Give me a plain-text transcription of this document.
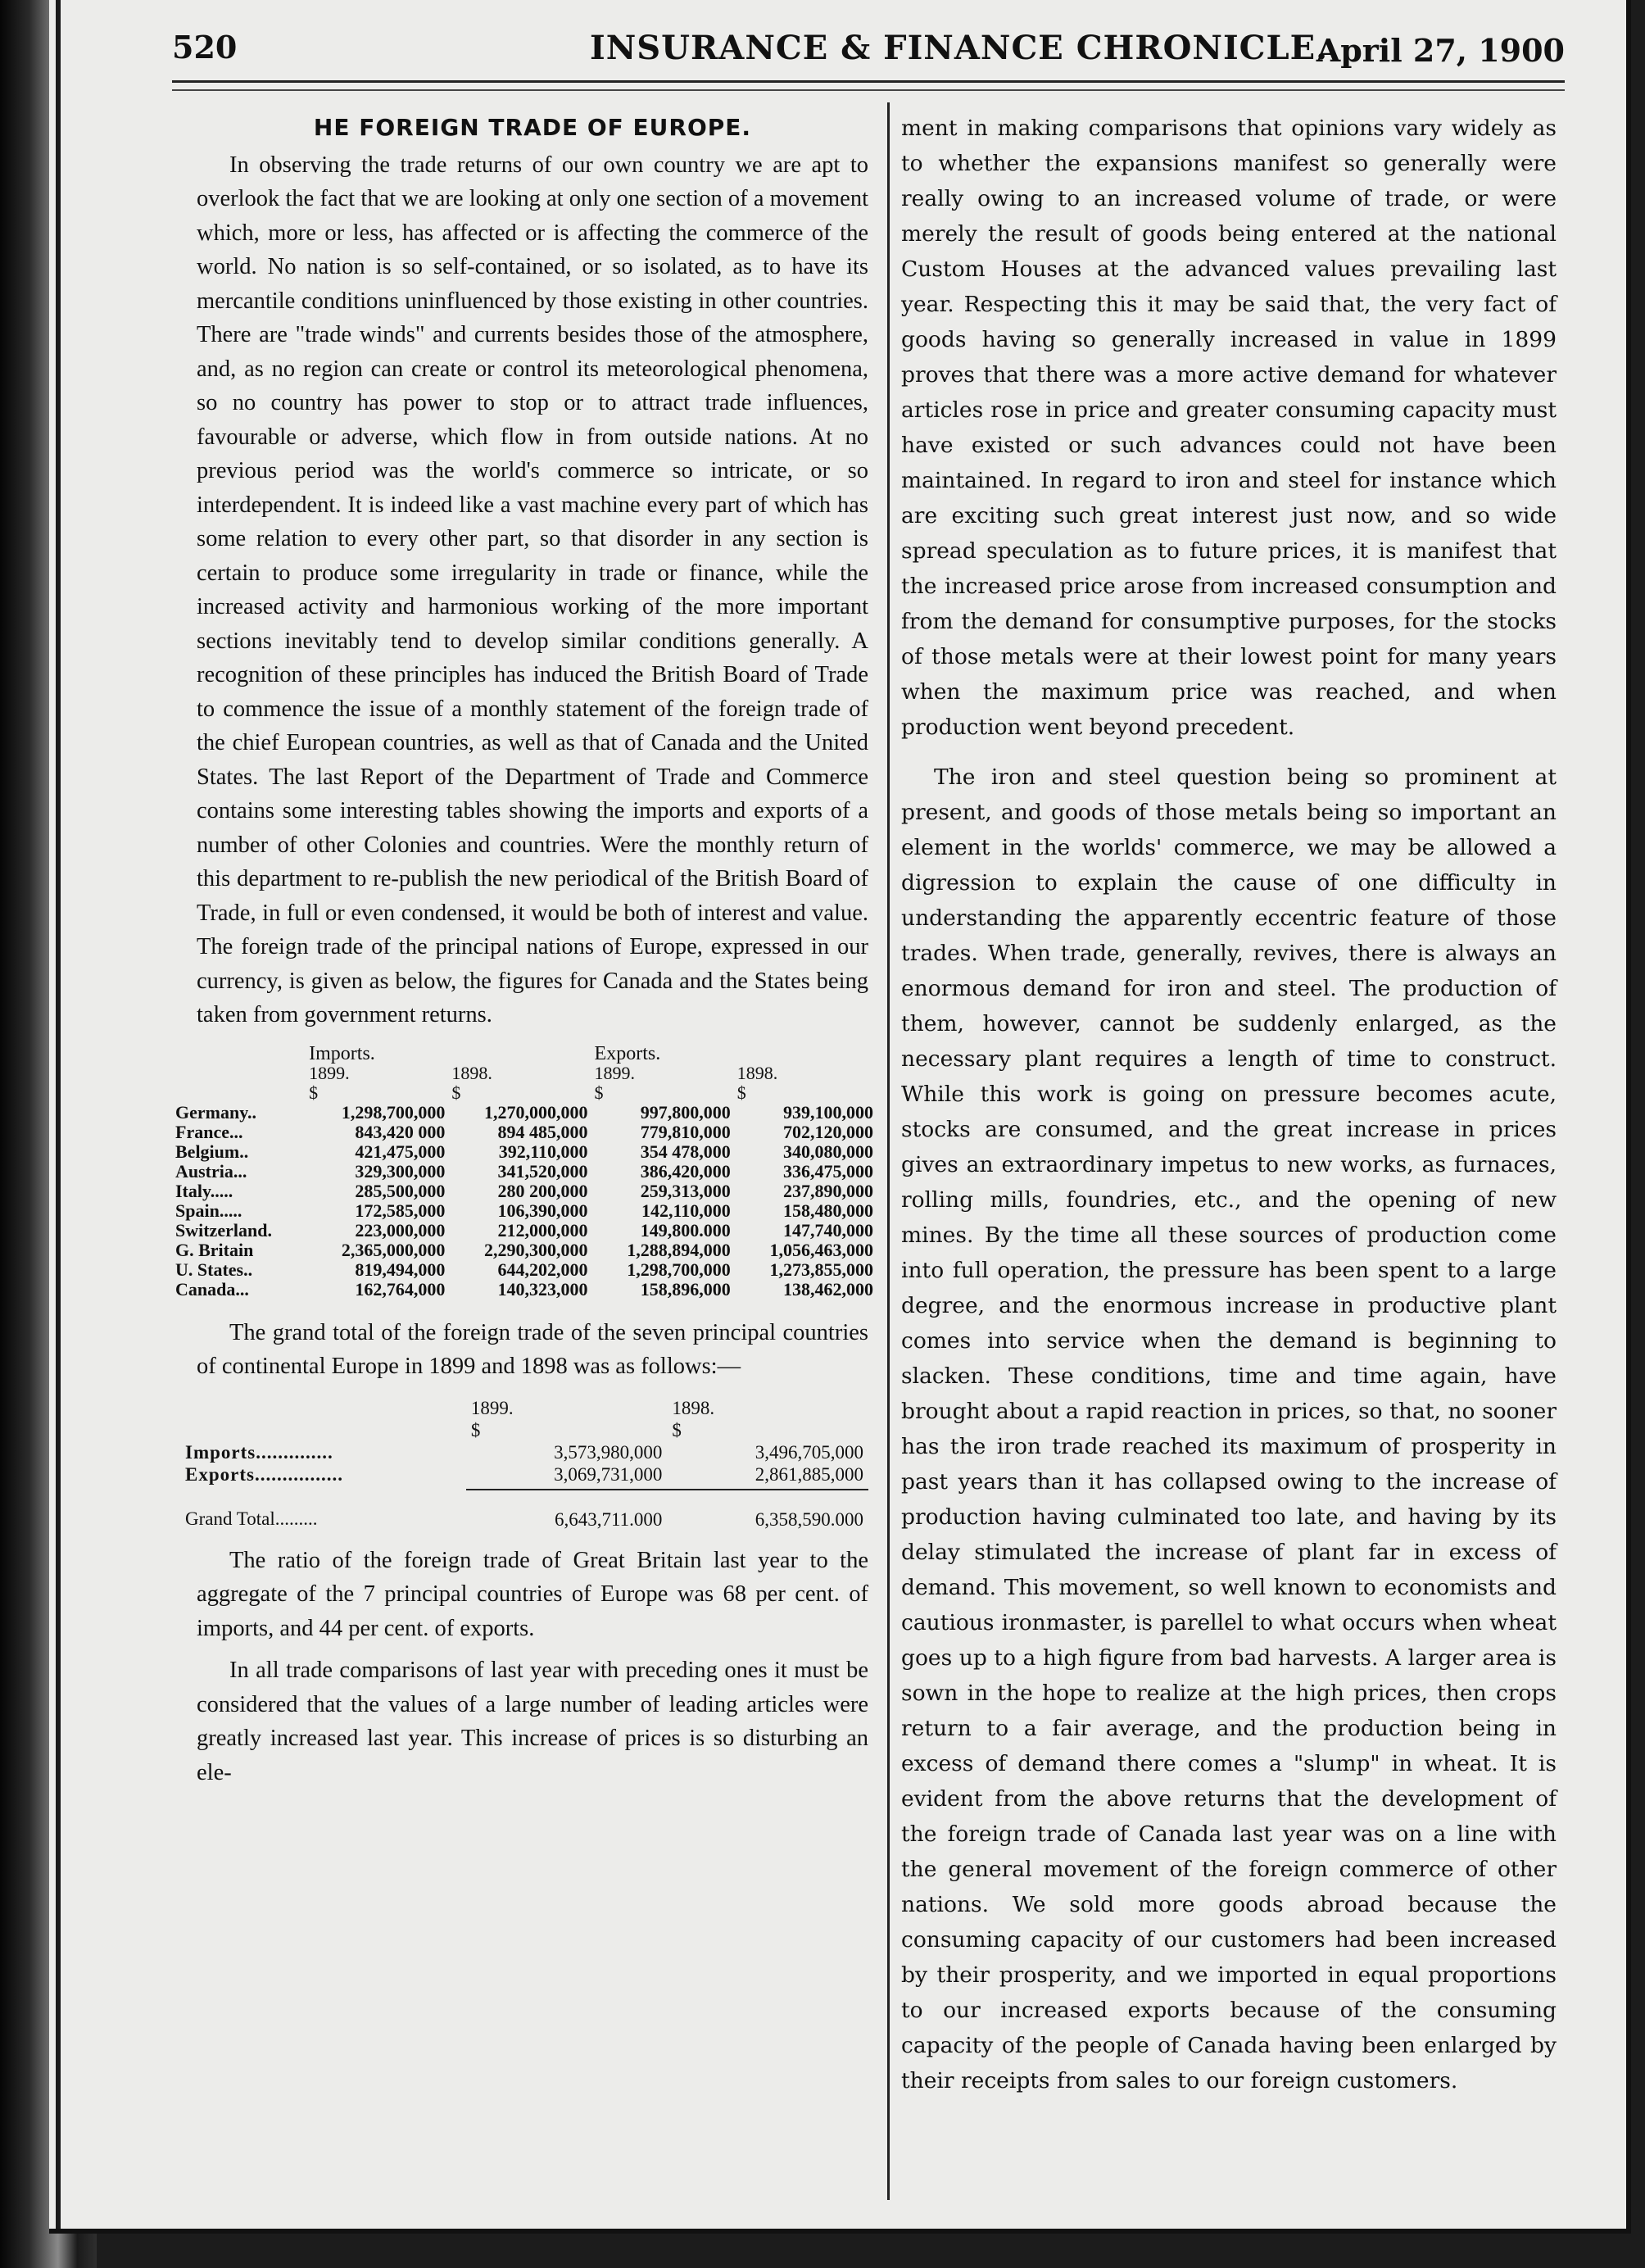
520	INSURANCE & FINANCE CHRONICLE.
April 27, 1900
HE FOREIGN TRADE OF EUROPE.

In observing the trade returns of our own country we are apt to overlook the fact that we are looking at only one section of a movement which, more or less, has affected or is affecting the commerce of the world. No nation is so self-contained, or so isolated, as to have its mercantile conditions uninfluenced by those existing in other countries. There are "trade winds" and currents besides those of the atmosphere, and, as no region can create or control its meteorological phenomena, so no country has power to stop or to attract trade influences, favourable or adverse, which flow in from outside nations. At no previous period was the world's commerce so intricate, or so interdependent. It is indeed like a vast machine every part of which has some relation to every other part, so that disorder in any section is certain to produce some irregularity in trade or finance, while the increased activity and harmonious working of the more important sections inevitably tend to develop similar conditions generally. A recognition of these principles has induced the British Board of Trade to commence the issue of a monthly statement of the foreign trade of the chief European countries, as well as that of Canada and the United States. The last Report of the Department of Trade and Commerce contains some interesting tables showing the imports and exports of a number of other Colonies and countries. Were the monthly return of this department to re-publish the new periodical of the British Board of Trade, in full or even condensed, it would be both of interest and value. The foreign trade of the principal nations of Europe, expressed in our currency, is given as below, the figures for Canada and the States being taken from government returns.

	Imports.		Exports.	
	1899.	1898.	1899.	1898.
	$	$	$	$
Germany..	1,298,700,000	1,270,000,000	997,800,000	939,100,000
France...	843,420 000	894 485,000	779,810,000	702,120,000
Belgium..	421,475,000	392,110,000	354 478,000	340,080,000
Austria...	329,300,000	341,520,000	386,420,000	336,475,000
Italy.....	285,500,000	280 200,000	259,313,000	237,890,000
Spain.....	172,585,000	106,390,000	142,110,000	158,480,000
Switzerland.	223,000,000	212,000,000	149,800.000	147,740,000
G. Britain	2,365,000,000	2,290,300,000	1,288,894,000	1,056,463,000
U. States..	819,494,000	644,202,000	1,298,700,000	1,273,855,000
Canada...	162,764,000	140,323,000	158,896,000	138,462,000

The grand total of the foreign trade of the seven principal countries of continental Europe in 1899 and 1898 was as follows:—

	1899.	1898.
	$	$
Imports..............	3,573,980,000	3,496,705,000
Exports................	3,069,731,000	2,861,885,000

Grand Total.........	6,643,711.000	6,358,590.000

The ratio of the foreign trade of Great Britain last year to the aggregate of the 7 principal countries of Europe was 68 per cent. of imports, and 44 per cent. of exports.

In all trade comparisons of last year with preceding ones it must be considered that the values of a large number of leading articles were greatly increased last year. This increase of prices is so disturbing an ele-

ment in making comparisons that opinions vary widely as to whether the expansions manifest so generally were really owing to an increased volume of trade, or were merely the result of goods being entered at the national Custom Houses at the advanced values prevailing last year. Respecting this it may be said that, the very fact of goods having so generally increased in value in 1899 proves that there was a more active demand for whatever articles rose in price and greater consuming capacity must have existed or such advances could not have been maintained. In regard to iron and steel for instance which are exciting such great interest just now, and so wide spread speculation as to future prices, it is manifest that the increased price arose from increased consumption and from the demand for consumptive purposes, for the stocks of those metals were at their lowest point for many years when the maximum price was reached, and when production went beyond precedent.

The iron and steel question being so prominent at present, and goods of those metals being so important an element in the worlds' commerce, we may be allowed a digression to explain the cause of one difficulty in understanding the apparently eccentric feature of those trades. When trade, generally, revives, there is always an enormous demand for iron and steel. The production of them, however, cannot be suddenly enlarged, as the necessary plant requires a length of time to construct. While this work is going on pressure becomes acute, stocks are consumed, and the great increase in prices gives an extraordinary impetus to new works, as furnaces, rolling mills, foundries, etc., and the opening of new mines. By the time all these sources of production come into full operation, the pressure has been spent to a large degree, and the enormous increase in productive plant comes into service when the demand is beginning to slacken. These conditions, time and time again, have brought about a rapid reaction in prices, so that, no sooner has the iron trade reached its maximum of prosperity in past years than it has collapsed owing to the increase of production having culminated too late, and having by its delay stimulated the increase of plant far in excess of demand. This movement, so well known to economists and cautious ironmaster, is parellel to what occurs when wheat goes up to a high figure from bad harvests. A larger area is sown in the hope to realize at the high prices, then crops return to a fair average, and the production being in excess of demand there comes a "slump" in wheat. It is evident from the above returns that the development of the foreign trade of Canada last year was on a line with the general movement of the foreign commerce of other nations. We sold more goods abroad because the consuming capacity of our customers had been increased by their prosperity, and we imported in equal proportions to our increased exports because of the consuming capacity of the people of Canada having been enlarged by their receipts from sales to our foreign customers.
